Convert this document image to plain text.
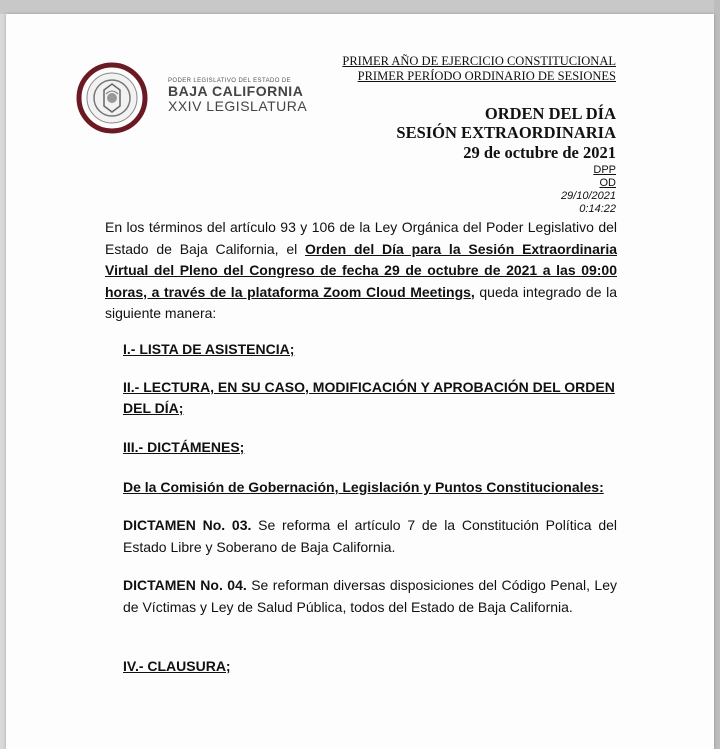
PODER LEGISLATIVO DEL ESTADO DE
BAJA CALIFORNIA
XXIV LEGISLATURA
PRIMER AÑO DE EJERCICIO CONSTITUCIONAL
PRIMER PERÍODO ORDINARIO DE SESIONES
ORDEN DEL DÍA
SESIÓN EXTRAORDINARIA
29 de octubre de 2021
DPP
OD
29/10/2021
0:14:22
En los términos del artículo 93 y 106 de la Ley Orgánica del Poder Legislativo del Estado de Baja California, el Orden del Día para la Sesión Extraordinaria Virtual del Pleno del Congreso de fecha 29 de octubre de 2021 a las 09:00 horas, a través de la plataforma Zoom Cloud Meetings, queda integrado de la siguiente manera:
I.- LISTA DE ASISTENCIA;
II.- LECTURA, EN SU CASO, MODIFICACIÓN Y APROBACIÓN DEL ORDEN DEL DÍA;
III.- DICTÁMENES;
De la Comisión de Gobernación, Legislación y Puntos Constitucionales:
DICTAMEN No. 03. Se reforma el artículo 7 de la Constitución Política del Estado Libre y Soberano de Baja California.
DICTAMEN No. 04. Se reforman diversas disposiciones del Código Penal, Ley de Víctimas y Ley de Salud Pública, todos del Estado de Baja California.
IV.- CLAUSURA;
